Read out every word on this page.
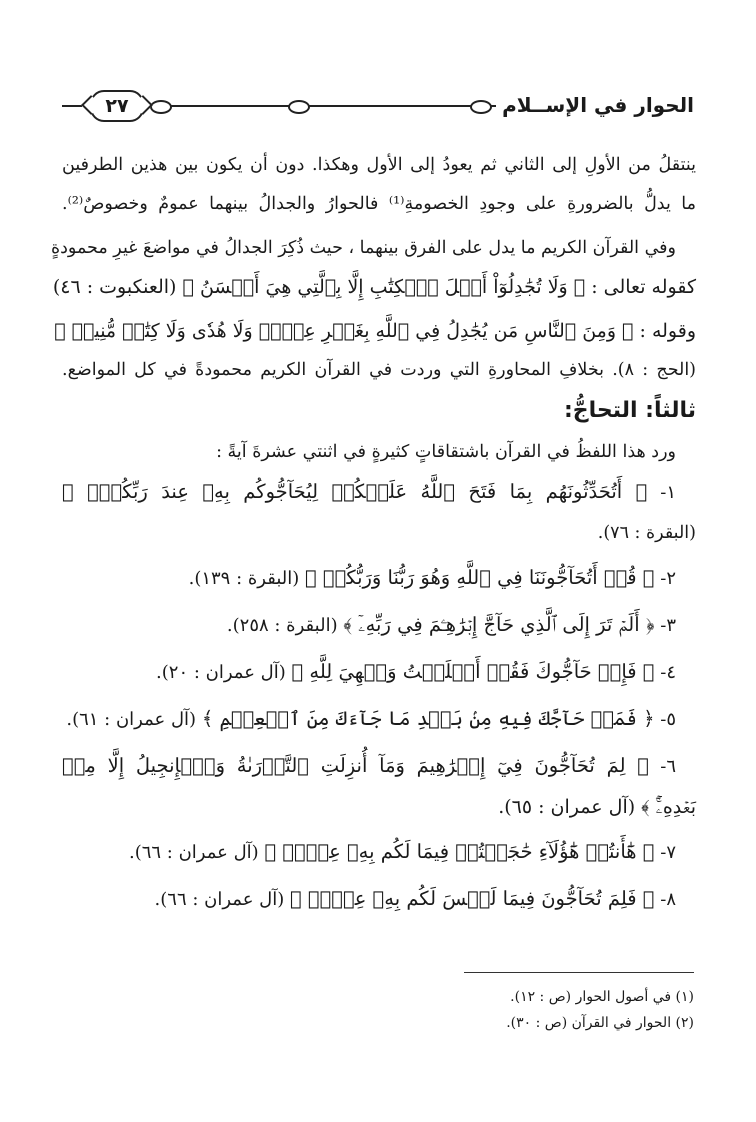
٢٧	الحوار في الإســلام

ينتقلُ من الأولِ إلى الثاني ثم يعودُ إلى الأول وهكذا. دون أن يكون بين هذين الطرفين

ما يدلُّ بالضرورةِ على وجودِ الخصومةِ⁽¹⁾ فالحوارُ والجدالُ بينهما عمومٌ وخصوصٌ⁽²⁾.

وفي القرآن الكريم ما يدل على الفرق بينهما ، حيث ذُكِرَ الجدالُ في مواضعَ غيرِ محمودةٍ

كقوله تعالى : ﴿ وَلَا تُجَٰدِلُوٓاْ أَهۡلَ ٱلۡكِتَٰبِ إِلَّا بِٱلَّتِي هِيَ أَحۡسَنُ ﴾ (العنكبوت : ٤٦)

وقوله : ﴿ وَمِنَ ٱلنَّاسِ مَن يُجَٰدِلُ فِي ٱللَّهِ بِغَيۡرِ عِلۡمٖ وَلَا هُدٗى وَلَا كِتَٰبٖ مُّنِيرٖ ﴾

(الحج : ٨). بخلافِ المحاورةِ التي وردت في القرآن الكريم محمودةً في كل المواضع.

ثالثاً: التحاجُّ:

ورد هذا اللفظُ في القرآن باشتقاقاتٍ كثيرةٍ في اثنتي عشرةَ آيةً :

١- ﴿ أَتُحَدِّثُونَهُم بِمَا فَتَحَ ٱللَّهُ عَلَيۡكُمۡ لِيُحَآجُّوكُم بِهِۦ عِندَ رَبِّكُمۡۚ ﴾

(البقرة : ٧٦).

٢- ﴿ قُلۡ أَتُحَآجُّونَنَا فِي ٱللَّهِ وَهُوَ رَبُّنَا وَرَبُّكُمۡ ﴾ (البقرة : ١٣٩).

٣- ﴿ أَلَمۡ تَرَ إِلَى ٱلَّذِي حَآجَّ إِبۡرَٰهِـۧمَ فِي رَبِّهِۦٓ ﴾ (البقرة : ٢٥٨).

٤- ﴿ فَإِنۡ حَآجُّوكَ فَقُلۡ أَسۡلَمۡتُ وَجۡهِيَ لِلَّهِ ﴾ (آل عمران : ٢٠).

٥- ﴿ فَمَنۡ حَآجَّكَ فِيهِ مِنۢ بَعۡدِ مَا جَآءَكَ مِنَ ٱلۡعِلۡمِ ﴾ (آل عمران : ٦١).

٦- ﴿ لِمَ تُحَآجُّونَ فِيٓ إِبۡرَٰهِيمَ وَمَآ أُنزِلَتِ ٱلتَّوۡرَىٰةُ وَٱلۡإِنجِيلُ إِلَّا مِنۢ

بَعۡدِهِۦٓۚ ﴾ (آل عمران : ٦٥).

٧- ﴿ هَٰٓأَنتُمۡ هَٰٓؤُلَآءِ حَٰجَجۡتُمۡ فِيمَا لَكُم بِهِۦ عِلۡمٞ ﴾ (آل عمران : ٦٦).

٨- ﴿ فَلِمَ تُحَآجُّونَ فِيمَا لَيۡسَ لَكُم بِهِۦ عِلۡمٞ ﴾ (آل عمران : ٦٦).

(١) في أصول الحوار (ص : ١٢).

(٢) الحوار في القرآن (ص : ٣٠).
